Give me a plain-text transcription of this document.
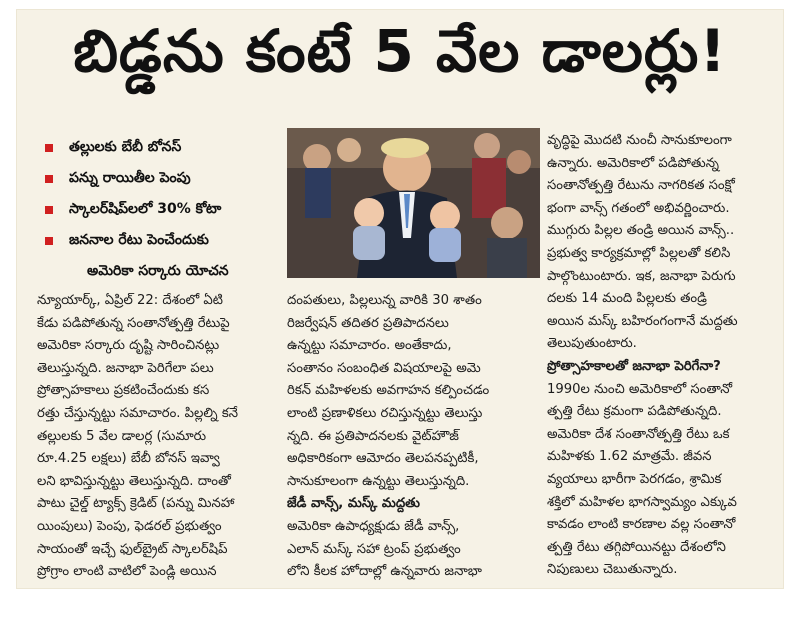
బిడ్డను కంటే 5 వేల డాలర్లు!
తల్లులకు బేబీ బోనస్
పన్ను రాయితీల పెంపు
స్కాలర్‌షిప్‌లలో 30% కోటా
జననాల రేటు పెంచేందుకు
అమెరికా సర్కారు యోచన

న్యూయార్క్, ఏప్రిల్ 22: దేశంలో ఏటి

కేడు పడిపోతున్న సంతానోత్పత్తి రేటుపై

అమెరికా సర్కారు దృష్టి సారించినట్లు

తెలుస్తున్నది. జనాభా పెరిగేలా పలు

ప్రోత్సాహకాలు ప్రకటించేందుకు కస

రత్తు చేస్తున్నట్టు సమాచారం. పిల్లల్ని కనే

తల్లులకు 5 వేల డాలర్ల (సుమారు

రూ.4.25 లక్షలు) బేబీ బోనస్ ఇవ్వా

లని భావిస్తున్నట్టు తెలుస్తున్నది. దాంతో

పాటు చైల్డ్ ట్యాక్స్ క్రెడిట్ (పన్ను మినహా

యింపులు) పెంపు, ఫెడరల్ ప్రభుత్వం

సాయంతో ఇచ్చే ఫుల్‌బ్రైట్ స్కాలర్‌షిప్

ప్రోగ్రాం లాంటి వాటిలో పెండ్లి అయిన

దంపతులు, పిల్లలున్న వారికి 30 శాతం

రిజర్వేషన్ తదితర ప్రతిపాదనలు

ఉన్నట్టు సమాచారం. అంతేకాదు,

సంతానం సంబంధిత విషయాలపై అమె

రికన్ మహిళలకు అవగాహన కల్పించడం

లాంటి ప్రణాళికలు రచిస్తున్నట్టు తెలుస్తు

న్నది. ఈ ప్రతిపాదనలకు వైట్‌హౌజ్

అధికారికంగా ఆమోదం తెలపనప్పటికీ,

సానుకూలంగా ఉన్నట్టు తెలుస్తున్నది.

జేడీ వాన్స్, మస్క్ మద్దతు

అమెరికా ఉపాధ్యక్షుడు జేడీ వాన్స్,

ఎలాన్ మస్క్ సహా ట్రంప్ ప్రభుత్వం

లోని కీలక హోదాల్లో ఉన్నవారు జనాభా

వృద్ధిపై మొదటి నుంచీ సానుకూలంగా

ఉన్నారు. అమెరికాలో పడిపోతున్న

సంతానోత్పత్తి రేటును నాగరికత సంక్షో

భంగా వాన్స్ గతంలో అభివర్ణించారు.

ముగ్గురు పిల్లల తండ్రి అయిన వాన్స్..

ప్రభుత్వ కార్యక్రమాల్లో పిల్లలతో కలిసి

పాల్గొంటుంటారు. ఇక, జనాభా పెరుగు

దలకు 14 మంది పిల్లలకు తండ్రి

అయిన మస్క్ బహిరంగంగానే మద్దతు

తెలుపుతుంటారు.

ప్రోత్సాహకాలతో జనాభా పెరిగేనా?

1990ల నుంచి అమెరికాలో సంతానో

త్పత్తి రేటు క్రమంగా పడిపోతున్నది.

అమెరికా దేశ సంతానోత్పత్తి రేటు ఒక

మహిళకు 1.62 మాత్రమే. జీవన

వ్యయాలు భారీగా పెరగడం, శ్రామిక

శక్తిలో మహిళల భాగస్వామ్యం ఎక్కువ

కావడం లాంటి కారణాల వల్ల సంతానో

త్పత్తి రేటు తగ్గిపోయినట్టు దేశంలోని

నిపుణులు చెబుతున్నారు.
